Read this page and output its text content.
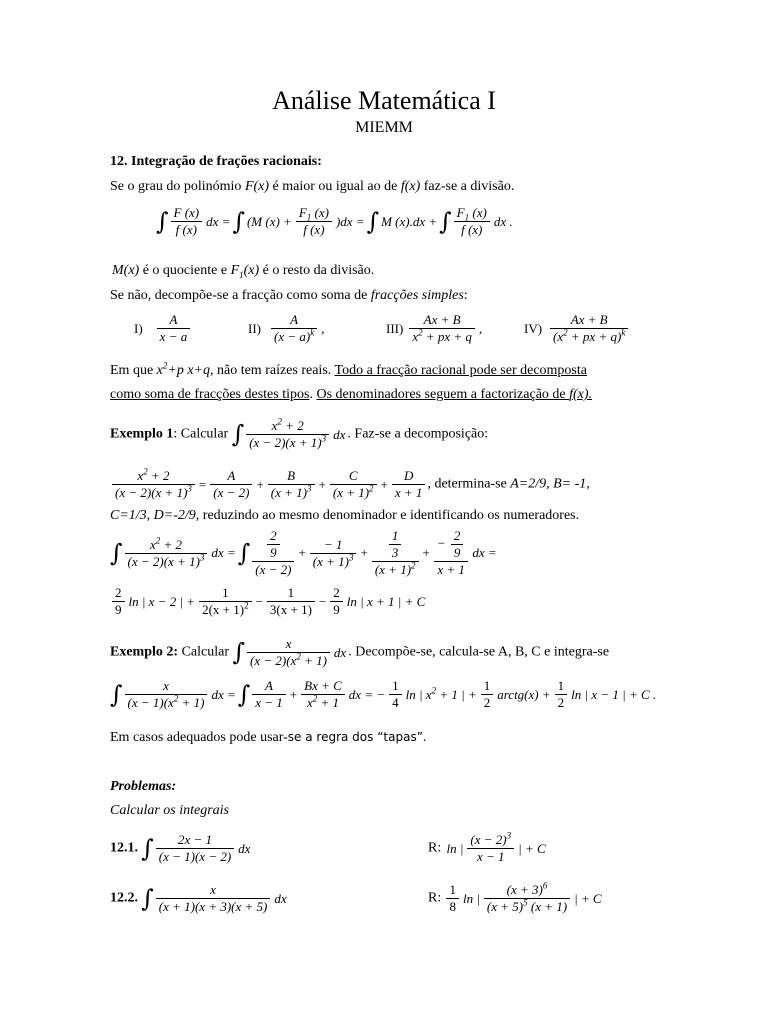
Análise Matemática I
MIEMM
12. Integração de frações racionais:
Se o grau do polinómio F(x) é maior ou igual ao de f(x) faz-se a divisão.
∫ $\frac{F (x)}{f (x)}$ dx =∫ (M $(x) + \frac{F_1 (x)}{f (x)} )dx$ =∫ M (x).dx +∫ $\frac{F_1 (x)}{f (x)}$ dx .
M(x) é o quociente e $F_1(x)$ é o resto da divisão.
Se não, decompõe-se a fracção como soma de fracções simples:
$I) \frac{A}{x - a}$	$II) \frac{A}{(x - a)^k}$ ,	$III) \frac{Ax + B}{x^2 + px + q}$ ,	$IV) \frac{Ax + B}{(x^2 + px + q)^k}$
Em que $x^2+p$ x+q, não tem raízes reais. Todo a fracção racional pode ser decomposta
como soma de fracções destes tipos. Os denominadores seguem a factorização de f(x).
Exemplo 1: Calcular ∫ $\frac{x^2 + 2}{(x - 2)(x + 1)^3}$ dx . Faz-se a decomposição:
$\frac{x^2 + 2}{(x - 2)(x + 1)^3} = \frac{A}{(x - 2)} + \frac{B}{(x + 1)^3} + \frac{C}{(x + 1)^2} + \frac{D}{x + 1}$ , determina-se A=2/9, B= -1,
C=1/3, D=-2/9, reduzindo ao mesmo denominador e identificando os numeradores.
∫ $\frac{x^2 + 2}{(x - 2)(x + 1)^3}$ dx =∫ $\frac{\frac{2}{9}}{(x - 2)} + \frac{- 1}{(x + 1)^3} + \frac{\frac{1}{3}}{(x + 1)^2} + \frac{- \frac{2}{9}}{x + 1}$ dx =
$\frac{2}{9}$ ln | x − 2 | + $\frac{1}{2(x + 1)^2} - \frac{1}{3(x + 1)} - \frac{2}{9}$ ln | x + 1 | + C
Exemplo 2: Calcular ∫ $\frac{x}{(x - 2)(x^2 + 1)}$ dx . Decompõe-se, calcula-se A, B, C e integra-se
∫ $\frac{x}{(x - 1)(x^2 + 1)}$ dx =∫ $\frac{A}{x - 1} + \frac{Bx + C}{x^2 + 1}$ dx = − $\frac{1}{4}$ ln | $x^2 + 1$ | + $\frac{1}{2}$ arctg(x) + $\frac{1}{2}$ ln | x − 1 | + C .
Em casos adequados pode usar-se a regra dos “tapas”.
Problemas:
Calcular os integrais
12.1. ∫ $\frac{2x - 1}{(x - 1)(x - 2)}$ dx	R: ln | $\frac{(x - 2)^3}{x - 1}$ | + C
12.2. ∫ $\frac{x}{(x + 1)(x + 3)(x + 5)}$ dx	R: $\frac{1}{8}$ ln | $\frac{(x + 3)^6}{(x + 5)^5 (x + 1)}$ | + C
